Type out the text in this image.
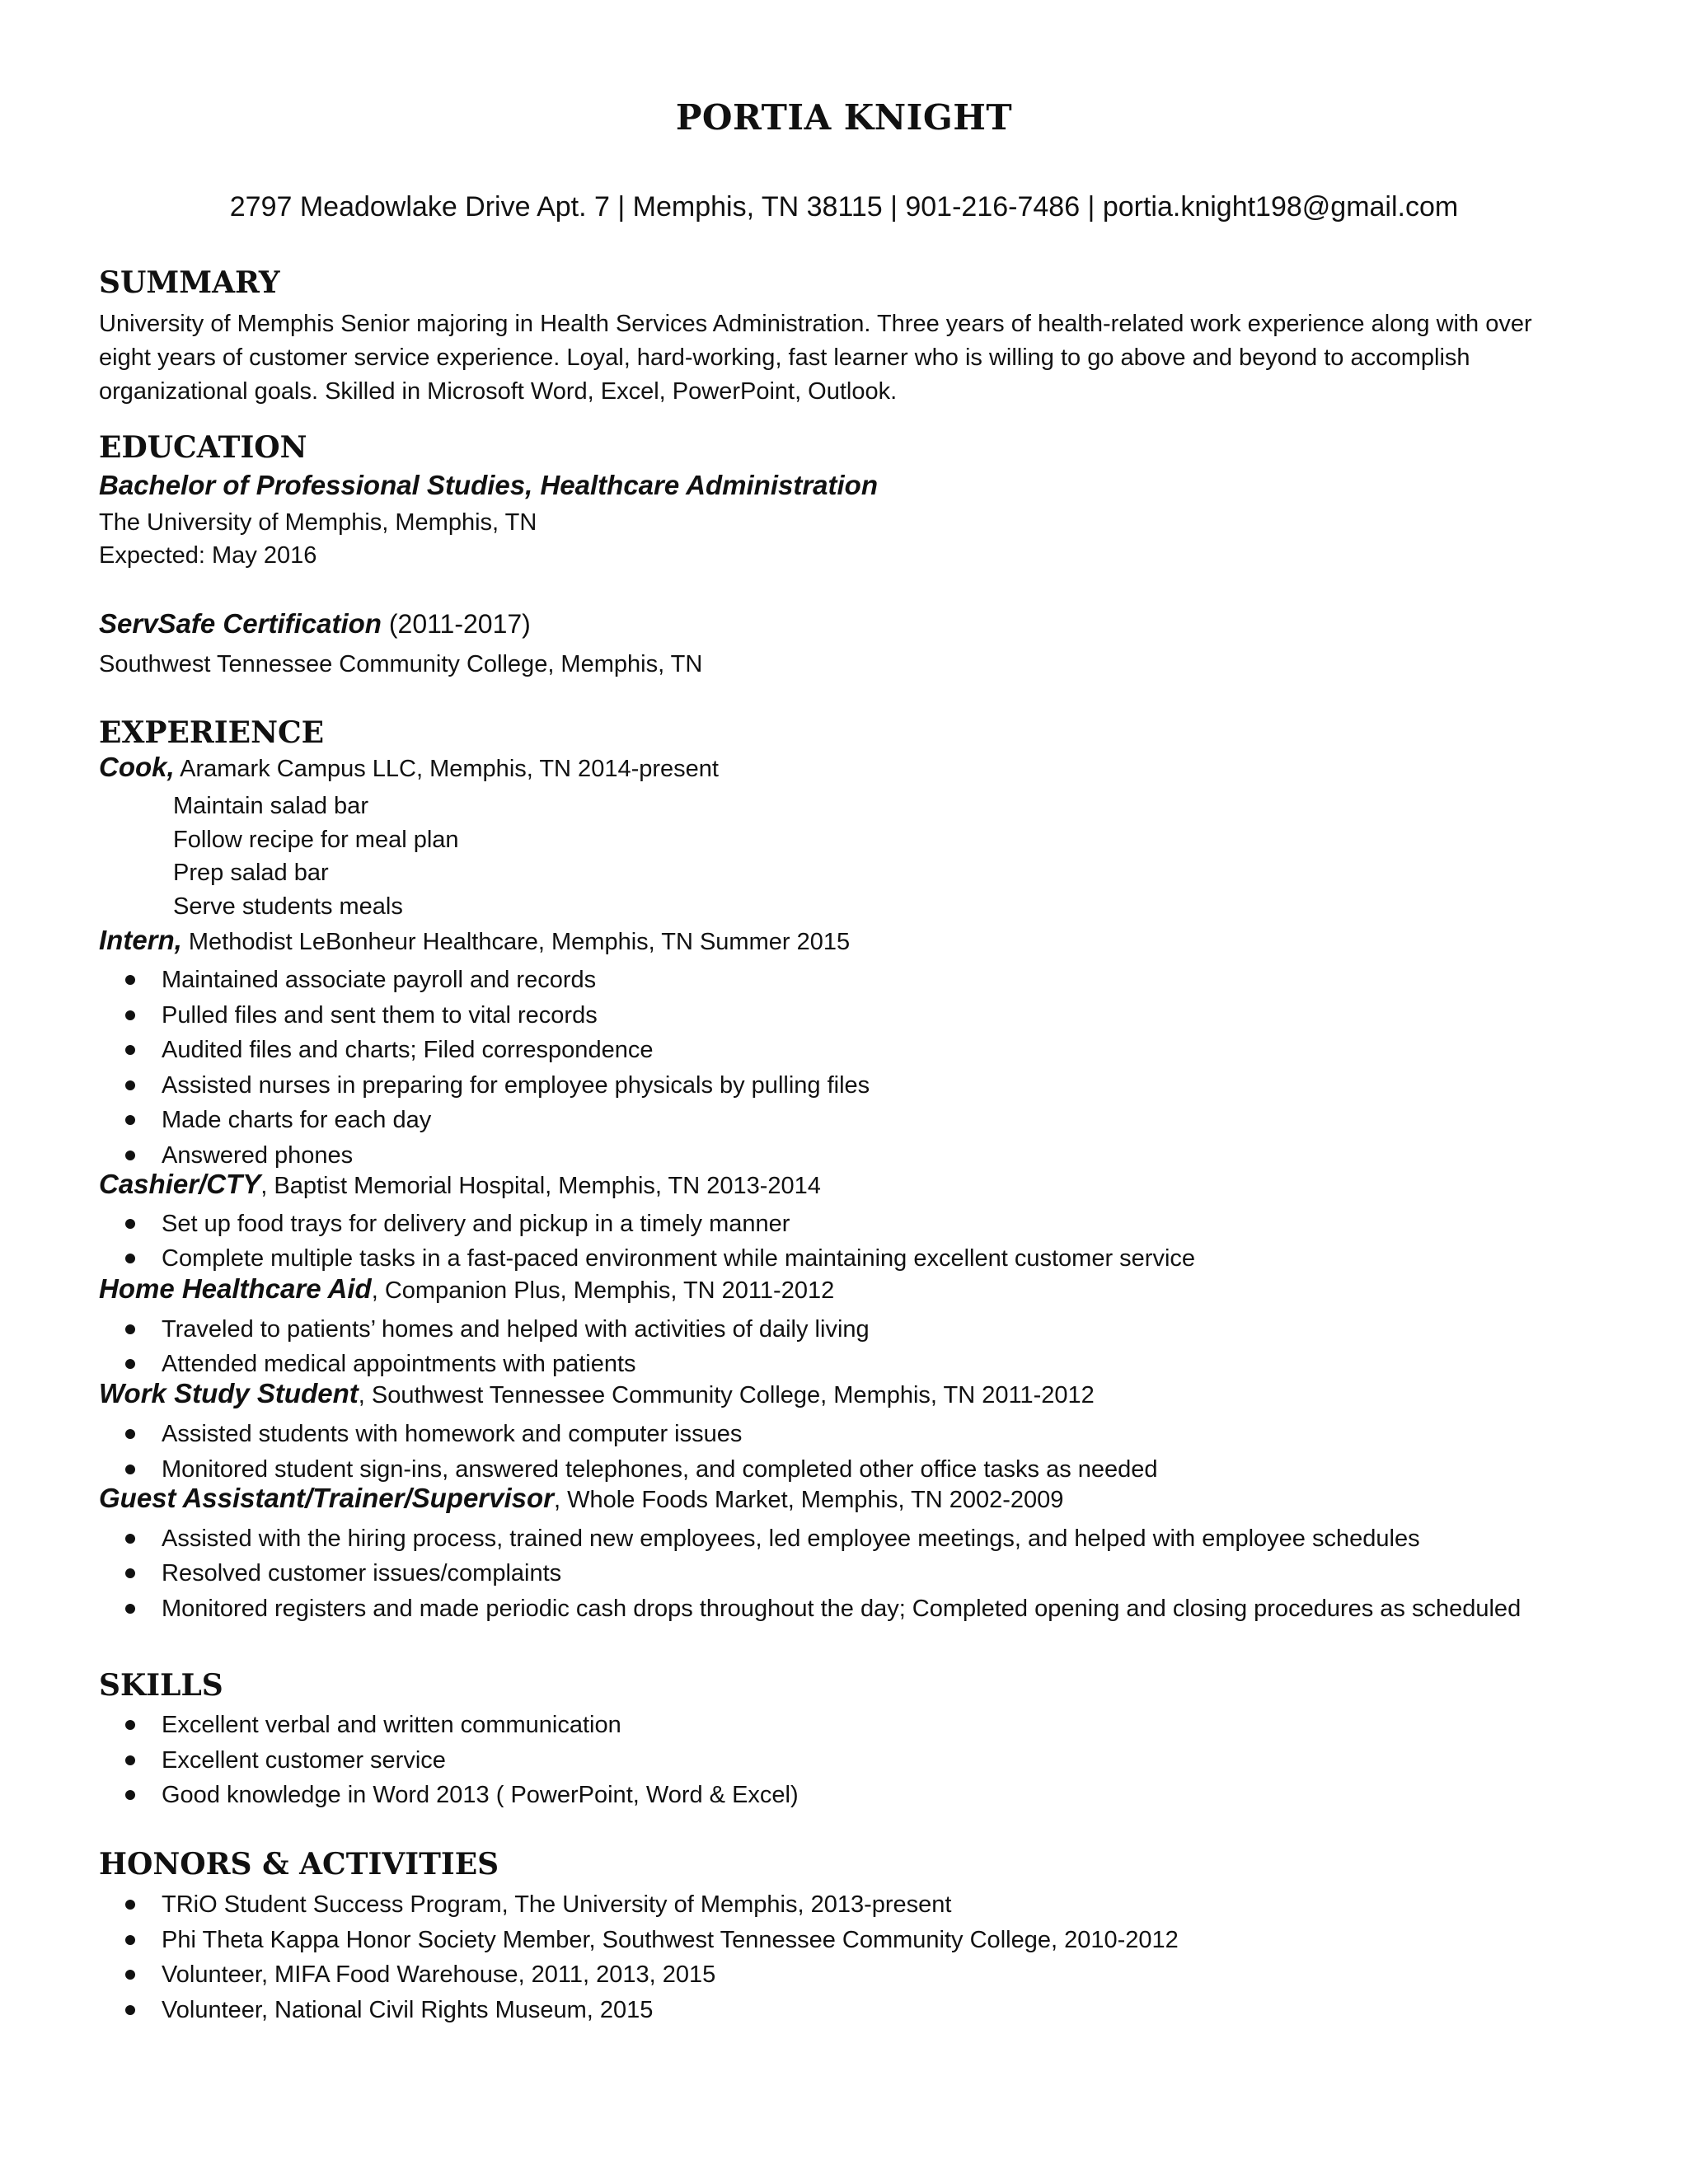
PORTIA KNIGHT
2797 Meadowlake Drive Apt. 7 | Memphis, TN 38115 | 901-216-7486 | portia.knight198@gmail.com
SUMMARY
University of Memphis Senior majoring in Health Services Administration. Three years of health-related work experience along with over eight years of customer service experience. Loyal, hard-working, fast learner who is willing to go above and beyond to accomplish organizational goals. Skilled in Microsoft Word, Excel, PowerPoint, Outlook.
EDUCATION
Bachelor of Professional Studies, Healthcare Administration
The University of Memphis, Memphis, TN
Expected: May 2016
ServSafe Certification (2011-2017)
Southwest Tennessee Community College, Memphis, TN
EXPERIENCE
Cook, Aramark Campus LLC, Memphis, TN 2014-present
Maintain salad bar
Follow recipe for meal plan
Prep salad bar
Serve students meals
Intern, Methodist LeBonheur Healthcare, Memphis, TN Summer 2015
Maintained associate payroll and records
Pulled files and sent them to vital records
Audited files and charts; Filed correspondence
Assisted nurses in preparing for employee physicals by pulling files
Made charts for each day
Answered phones
Cashier/CTY, Baptist Memorial Hospital, Memphis, TN 2013-2014
Set up food trays for delivery and pickup in a timely manner
Complete multiple tasks in a fast-paced environment while maintaining excellent customer service
Home Healthcare Aid, Companion Plus, Memphis, TN 2011-2012
Traveled to patients’ homes and helped with activities of daily living
Attended medical appointments with patients
Work Study Student, Southwest Tennessee Community College, Memphis, TN 2011-2012
Assisted students with homework and computer issues
Monitored student sign-ins, answered telephones, and completed other office tasks as needed
Guest Assistant/Trainer/Supervisor, Whole Foods Market, Memphis, TN 2002-2009
Assisted with the hiring process, trained new employees, led employee meetings, and helped with employee schedules
Resolved customer issues/complaints
Monitored registers and made periodic cash drops throughout the day; Completed opening and closing procedures as scheduled
SKILLS
Excellent verbal and written communication
Excellent customer service
Good knowledge in Word 2013 ( PowerPoint, Word & Excel)
HONORS & ACTIVITIES
TRiO Student Success Program, The University of Memphis, 2013-present
Phi Theta Kappa Honor Society Member, Southwest Tennessee Community College, 2010-2012
Volunteer, MIFA Food Warehouse, 2011, 2013, 2015
Volunteer, National Civil Rights Museum, 2015
